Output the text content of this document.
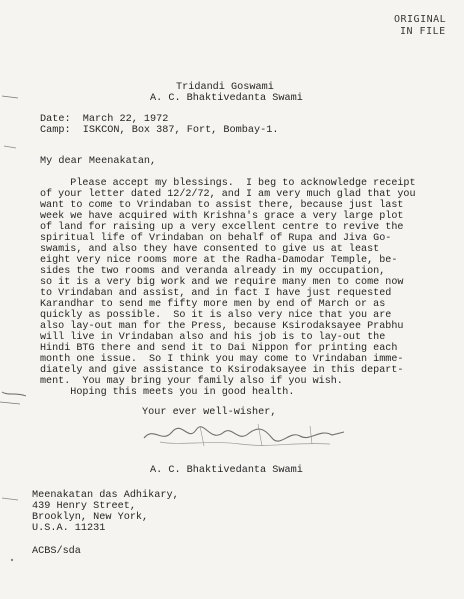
ORIGINAL
IN FILE
Tridandi Goswami
A. C. Bhaktivedanta Swami
Date:  March 22, 1972
Camp:  ISKCON, Box 387, Fort, Bombay-1.
My dear Meenakatan,
Please accept my blessings.  I beg to acknowledge receipt
of your letter dated 12/2/72, and I am very much glad that you
want to come to Vrindaban to assist there, because just last
week we have acquired with Krishna's grace a very large plot
of land for raising up a very excellent centre to revive the
spiritual life of Vrindaban on behalf of Rupa and Jiva Go-
swamis, and also they have consented to give us at least
eight very nice rooms more at the Radha-Damodar Temple, be-
sides the two rooms and veranda already in my occupation,
so it is a very big work and we require many men to come now
to Vrindaban and assist, and in fact I have just requested
Karandhar to send me fifty more men by end of March or as
quickly as possible.  So it is also very nice that you are
also lay-out man for the Press, because Ksirodaksayee Prabhu
will live in Vrindaban also and his job is to lay-out the
Hindi BTG there and send it to Dai Nippon for printing each
month one issue.  So I think you may come to Vrindaban imme-
diately and give assistance to Ksirodaksayee in this depart-
ment.  You may bring your family also if you wish.
Hoping this meets you in good health.
Your ever well-wisher,
A. C. Bhaktivedanta Swami
Meenakatan das Adhikary,
439 Henry Street,
Brooklyn, New York,
U.S.A. 11231
ACBS/sda
